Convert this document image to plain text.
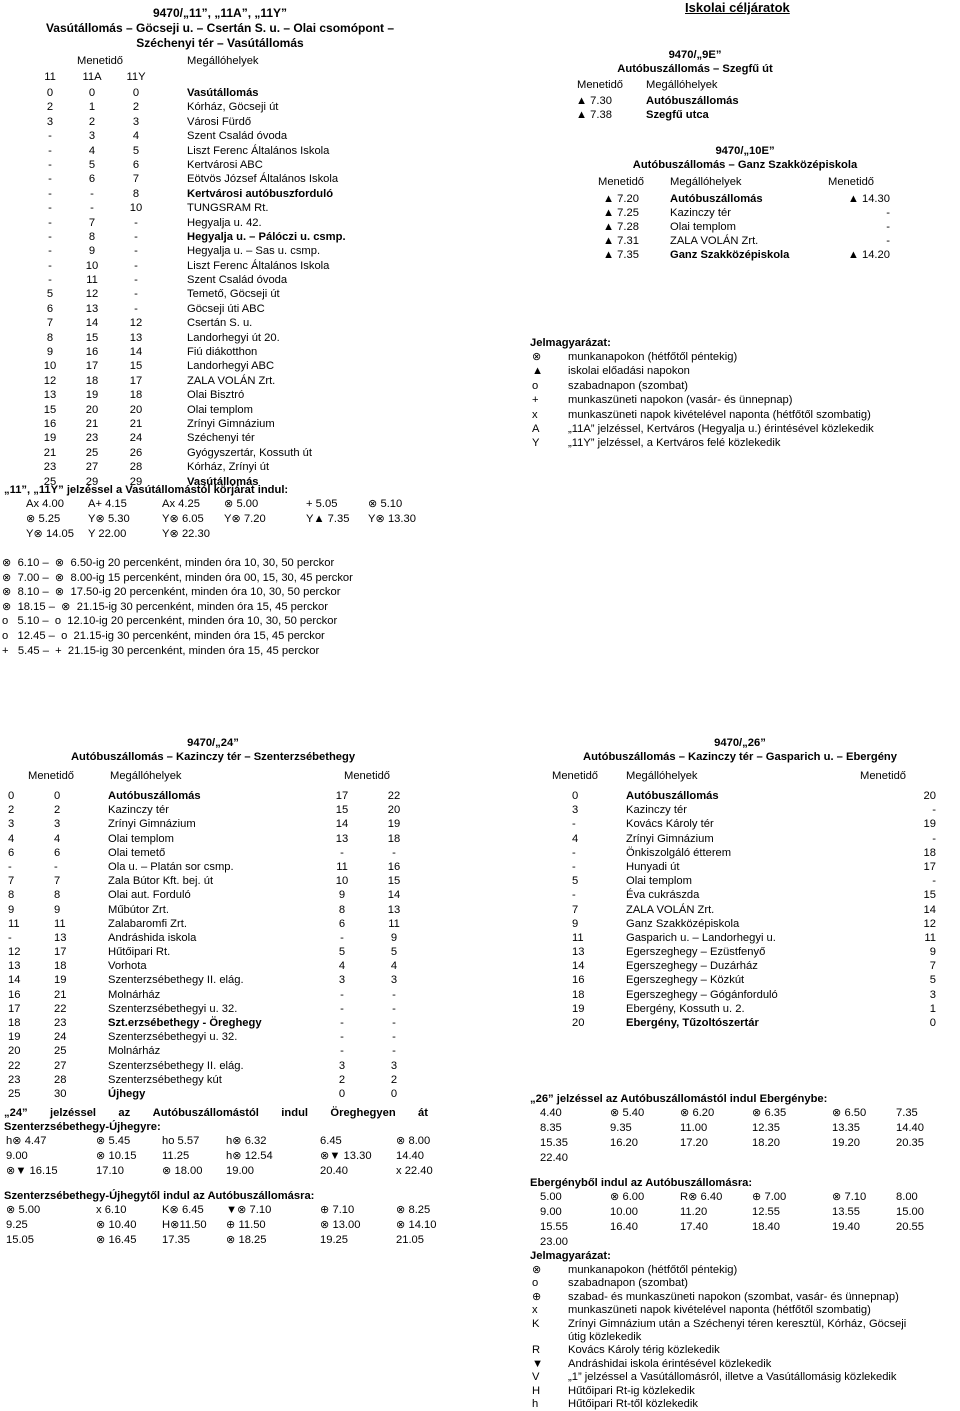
9470/„11”, „11A”, „11Y”
Vasútállomás – Göcseji u. – Csertán S. u. – Olai csomópont –
Széchenyi tér – Vasútállomás
Menetidő	Megállóhelyek
11	11A 11Y
0	0	0	Vasútállomás
2	1	2	Kórház, Göcseji út
3	2	3	Városi Fürdő
-	3	4	Szent Család óvoda
-	4	5	Liszt Ferenc Általános Iskola
-	5	6	Kertvárosi ABC
-	6	7	Eötvös József Általános Iskola
-	-	8	Kertvárosi autóbuszforduló
-	-	10	TUNGSRAM Rt.
-	7	-	Hegyalja u. 42.
-	8	-	Hegyalja u. – Pálóczi u. csmp.
-	9	-	Hegyalja u. – Sas u. csmp.
-	10	-	Liszt Ferenc Általános Iskola
-	11	-	Szent Család óvoda
5	12	-	Temető, Göcseji út
6	13	-	Göcseji úti ABC
7	14	12	Csertán S. u.
8	15	13	Landorhegyi út 20.
9	16	14	Fiú diákotthon
10	17	15	Landorhegyi ABC
12	18	17	ZALA VOLÁN Zrt.
13	19	18	Olai Bisztró
15	20	20	Olai templom
16	21	21	Zrínyi Gimnázium
19	23	24	Széchenyi tér
21	25	26	Gyógyszertár, Kossuth út
23	27	28	Kórház, Zrínyi út
25	29	29	Vasútállomás
„11”, „11Y” jelzéssel a Vasútállomástól körjárat indul:
Ax 4.00 A+ 4.15	Ax 4.25 ⊗ 5.00	+ 5.05	⊗ 5.10
⊗ 5.25 Y⊗ 5.30	Y⊗ 6.05 Y⊗ 7.20	Y▲ 7.35 Y⊗ 13.30
Y⊗ 14.05 Y 22.00	Y⊗ 22.30
⊗  6.10 –  ⊗  6.50-ig 20 percenként, minden óra 10, 30, 50 perckor
⊗  7.00 –  ⊗  8.00-ig 15 percenként, minden óra 00, 15, 30, 45 perckor
⊗  8.10 –  ⊗  17.50-ig 20 percenként, minden óra 10, 30, 50 perckor
⊗  18.15 –  ⊗  21.15-ig 30 percenként, minden óra 15, 45 perckor
o   5.10 –  o  12.10-ig 20 percenként, minden óra 10, 30, 50 perckor
o   12.45 –  o  21.15-ig 30 percenként, minden óra 15, 45 perckor
+   5.45 –  +  21.15-ig 30 percenként, minden óra 15, 45 perckor
Iskolai céljáratok
9470/„9E”
Autóbuszállomás – Szegfű út
Menetidő Megállóhelyek
▲ 7.30	Autóbuszállomás
▲ 7.38	Szegfű utca
9470/„10E”
Autóbuszállomás – Ganz Szakközépiskola
Menetidő Megállóhelyek	Menetidő
▲ 7.20	Autóbuszállomás	▲ 14.30
▲ 7.25	Kazinczy tér	-
▲ 7.28	Olai templom	-
▲ 7.31	ZALA VOLÁN Zrt.	-
▲ 7.35	Ganz Szakközépiskola	▲ 14.20
Jelmagyarázat:
⊗ munkanapokon (hétfőtől péntekig)
▲ iskolai előadási napokon
o	szabadnapon (szombat)
+	munkaszüneti napokon (vasár- és ünnepnap)
x	munkaszüneti napok kivételével naponta (hétfőtől szombatig)
A	„11A” jelzéssel, Kertváros (Hegyalja u.) érintésével közlekedik
Y	„11Y” jelzéssel, a Kertváros felé közlekedik
9470/„24”
Autóbuszállomás – Kazinczy tér – Szenterzsébethegy
Menetidő	Megállóhelyek	Menetidő
0	0	Autóbuszállomás	17	22
2	2	Kazinczy tér	15	20
3	3	Zrínyi Gimnázium	14	19
4	4	Olai templom	13	18
6	6	Olai temető	-	-
-	-	Ola u. – Platán sor csmp.	11	16
7	7	Zala Bútor Kft. bej. út	10	15
8	8	Olai aut. Forduló	9	14
9	9	Műbútor Zrt.	8	13
11	11	Zalabaromfi Zrt.	6	11
-	13	Andráshida iskola	-	9
12	17	Hűtőipari Rt.	5	5
13	18	Vorhota	4	4
14	19	Szenterzsébethegy II. elág.	3	3
16	21	Molnárház	-	-
17	22	Szenterzsébethegyi u. 32.	-	-
18	23	Szt.erzsébethegy - Öreghegy	-	-
19	24	Szenterzsébethegyi u. 32.	-	-
20	25	Molnárház	-	-
22	27	Szenterzsébethegy II. elág.	3	3
23	28	Szenterzsébethegy kút	2	2
25	30	Újhegy	0	0
„24” jelzéssel az Autóbuszállomástól indul Öreghegyen át
Szenterzsébethegy-Újhegyre:
h⊗ 4.47	⊗ 5.45	ho 5.57 h⊗ 6.32	6.45	⊗ 8.00
9.00	⊗ 10.15 11.25	h⊗ 12.54	⊗▼ 13.30 14.40
⊗▼ 16.15	17.10	⊗ 18.00 19.00	20.40	x 22.40
Szenterzsébethegy-Újhegytől indul az Autóbuszállomásra:
⊗ 5.00	x 6.10	K⊗ 6.45 ▼⊗ 7.10	⊕ 7.10	⊗ 8.25
9.25	⊗ 10.40 H⊗11.50 ⊕ 11.50	⊗ 13.00	⊗ 14.10
15.05	⊗ 16.45 17.35	⊗ 18.25	19.25	21.05
9470/„26”
Autóbuszállomás – Kazinczy tér – Gasparich u. – Ebergény
Menetidő Megállóhelyek	Menetidő
0	Autóbuszállomás	20
3	Kazinczy tér	-
-	Kovács Károly tér	19
4	Zrínyi Gimnázium	-
-	Önkiszolgáló étterem	18
-	Hunyadi út	17
5	Olai templom	-
-	Éva cukrászda	15
7	ZALA VOLÁN Zrt.	14
9	Ganz Szakközépiskola	12
11	Gasparich u. – Landorhegyi u.	11
13	Egerszeghegy – Ezüstfenyő	9
14	Egerszeghegy – Duzárház	7
16	Egerszeghegy – Közkút	5
18	Egerszeghegy – Gógánforduló	3
19	Ebergény, Kossuth u. 2.	1
20	Ebergény, Tűzoltószertár	0
„26” jelzéssel az Autóbuszállomástól indul Ebergénybe:
4.40	⊗ 5.40	⊗ 6.20	⊗ 6.35	⊗ 6.50	7.35
8.35	9.35	11.00	12.35	13.35	14.40
15.35	16.20	17.20	18.20	19.20	20.35
22.40
Ebergényből indul az Autóbuszállomásra:
5.00	⊗ 6.00	R⊗ 6.40	⊕ 7.00	⊗ 7.10	8.00
9.00	10.00	11.20	12.55	13.55	15.00
15.55	16.40	17.40	18.40	19.40	20.55
23.00
Jelmagyarázat:
⊗ munkanapokon (hétfőtől péntekig)
o	szabadnapon (szombat)
⊕ szabad- és munkaszüneti napokon (szombat, vasár- és ünnepnap)
x	munkaszüneti napok kivételével naponta (hétfőtől szombatig)
K	Zrínyi Gimnázium után a Széchenyi téren keresztül, Kórház, Göcseji
útig közlekedik
R Kovács Károly térig közlekedik
▼ Andráshidai iskola érintésével közlekedik
V	„1” jelzéssel a Vasútállomásról, illetve a Vasútállomásig közlekedik
H Hűtőipari Rt-ig közlekedik
h	Hűtőipari Rt-től közlekedik
